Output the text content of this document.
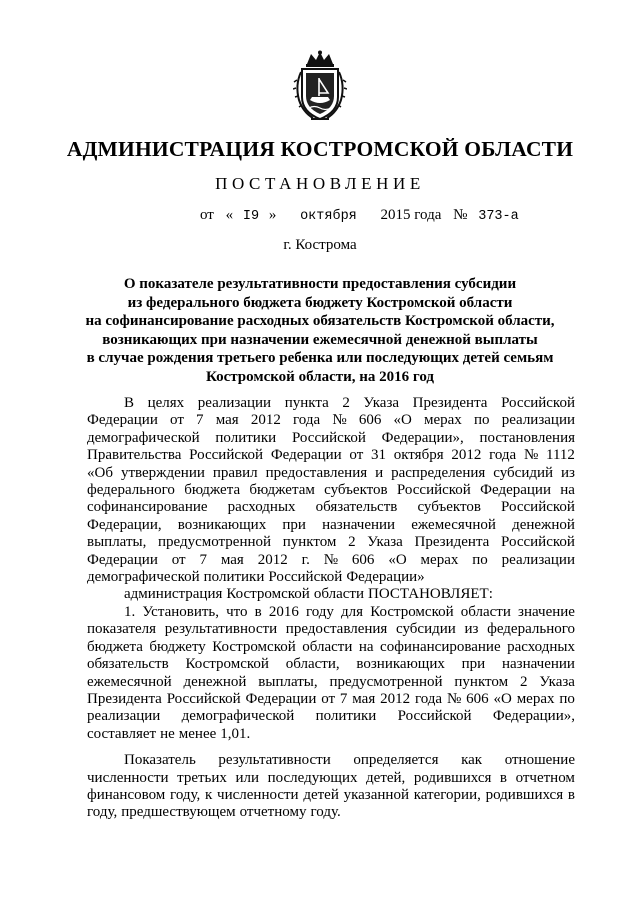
АДМИНИСТРАЦИЯ КОСТРОМСКОЙ ОБЛАСТИ
ПОСТАНОВЛЕНИЕ
от « I9 » октября 2015 года № 373-а
г. Кострома
О показателе результативности предоставления субсидии
из федерального бюджета бюджету Костромской области
на софинансирование расходных обязательств Костромской области,
возникающих при назначении ежемесячной денежной выплаты
в случае рождения третьего ребенка или последующих детей семьям
Костромской области, на 2016 год
В целях реализации пункта 2 Указа Президента Российской
Федерации от 7 мая 2012 года № 606 «О мерах по реализации
демографической политики Российской Федерации», постановления
Правительства Российской Федерации от 31 октября 2012 года № 1112
«Об утверждении правил предоставления и распределения субсидий из
федерального бюджета бюджетам субъектов Российской Федерации на
софинансирование расходных обязательств субъектов Российской
Федерации, возникающих при назначении ежемесячной денежной
выплаты, предусмотренной пунктом 2 Указа Президента Российской
Федерации от 7 мая 2012 г. № 606 «О мерах по реализации
демографической политики Российской Федерации»
администрация Костромской области ПОСТАНОВЛЯЕТ:
1. Установить, что в 2016 году для Костромской области значение
показателя результативности предоставления субсидии из федерального
бюджета бюджету Костромской области на софинансирование расходных
обязательств Костромской области, возникающих при назначении
ежемесячной денежной выплаты, предусмотренной пунктом 2 Указа
Президента Российской Федерации от 7 мая 2012 года № 606 «О мерах по
реализации демографической политики Российской Федерации»,
составляет не менее 1,01.
Показатель результативности определяется как отношение
численности третьих или последующих детей, родившихся в отчетном
финансовом году, к численности детей указанной категории, родившихся в
году, предшествующем отчетному году.
